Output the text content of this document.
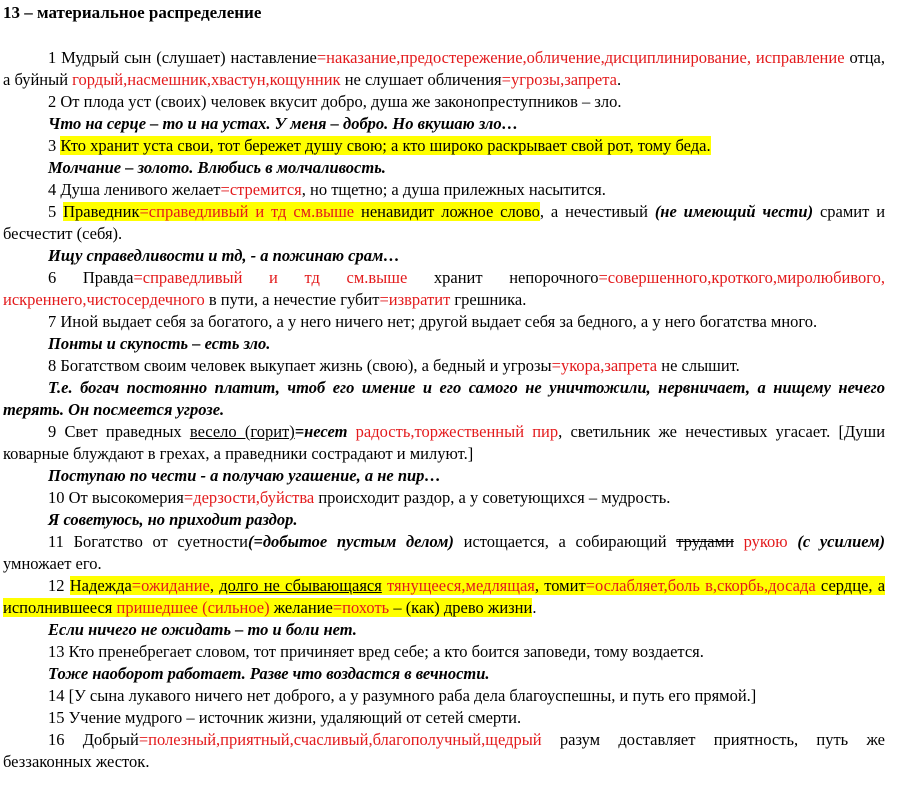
13 – материальное распределение
1 Мудрый сын (слушает) наставление=наказание,предостережение,обличение,дисциплинирование, исправление отца, а буйный гордый,насмешник,хвастун,кощунник не слушает обличения=угрозы,запрета.
2 От плода уст (своих) человек вкусит добро, душа же законопреступников – зло.
Что на серце – то и на устах. У меня – добро. Но вкушаю зло…
3 Кто хранит уста свои, тот бережет душу свою; а кто широко раскрывает свой рот, тому беда.
Молчание – золото. Влюбись в молчаливость.
4 Душа ленивого желает=стремится, но тщетно; а душа прилежных насытится.
5 Праведник=справедливый и тд см.выше ненавидит ложное слово, а нечестивый (не имеющий чести) срамит и бесчестит (себя).
Ищу справедливости и тд, - а пожинаю срам…
6 Правда=справедливый и тд см.выше хранит непорочного=совершенного,кроткого,миролюбивого, искреннего,чистосердечного в пути, а нечестие губит=извратит грешника.
7 Иной выдает себя за богатого, а у него ничего нет; другой выдает себя за бедного, а у него богатства много.
Понты и скупость – есть зло.
8 Богатством своим человек выкупает жизнь (свою), а бедный и угрозы=укора,запрета не слышит.
Т.е. богач постоянно платит, чтоб его имение и его самого не уничтожили, нервничает, а нищему нечего терять. Он посмеется угрозе.
9 Свет праведных весело (горит)=несет радость,торжественный пир, светильник же нечестивых угасает. [Души коварные блуждают в грехах, а праведники сострадают и милуют.]
Поступаю по чести - а получаю угашение, а не пир…
10 От высокомерия=дерзости,буйства происходит раздор, а у советующихся – мудрость.
Я советуюсь, но приходит раздор.
11 Богатство от суетности(=добытое пустым делом) истощается, а собирающий трудами рукою (с усилием) умножает его.
12 Надежда=ожидание, долго не сбывающаяся тянущееся,медлящая, томит=ослабляет,боль в,скорбь,досада сердце, а исполнившееся пришедшее (сильное) желание=похоть – (как) древо жизни.
Если ничего не ожидать – то и боли нет.
13 Кто пренебрегает словом, тот причиняет вред себе; а кто боится заповеди, тому воздается.
Тоже наоборот работает. Разве что воздастся в вечности.
14 [У сына лукавого ничего нет доброго, а у разумного раба дела благоуспешны, и путь его прямой.]
15 Учение мудрого – источник жизни, удаляющий от сетей смерти.
16 Добрый=полезный,приятный,счасливый,благополучный,щедрый разум доставляет приятность, путь же беззаконных жесток.
